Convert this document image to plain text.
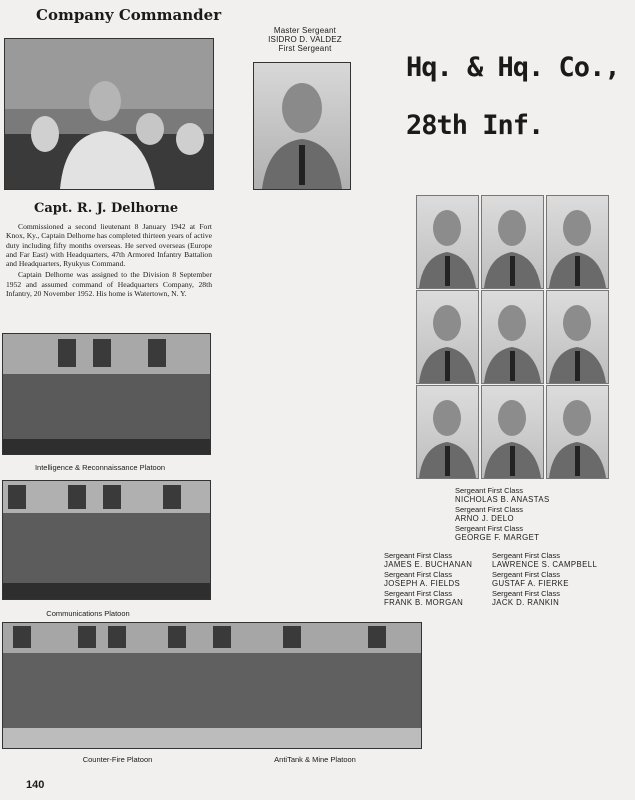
Company Commander
Capt. R. J. Delhorne

Commissioned a second lieutenant 8 January 1942 at Fort Knox, Ky., Captain Delhorne has completed thirteen years of active duty including fifty months overseas. He served overseas (Europe and Far East) with Headquarters, 47th Armored Infantry Battalion and Headquarters, Ryukyus Command.

Captain Delhorne was assigned to the Division 8 September 1952 and assumed command of Headquarters Company, 28th Infantry, 20 November 1952. His home is Watertown, N. Y.

Master Sergeant
ISIDRO D. VALDEZ
First Sergeant
Hq. & Hq. Co.,
28th Inf.
Sergeant First Class
NICHOLAS B. ANASTAS
Sergeant First Class
ARNO J. DELO
Sergeant First Class
GEORGE F. MARGET
Sergeant First Class
JAMES E. BUCHANAN
Sergeant First Class
JOSEPH A. FIELDS
Sergeant First Class
FRANK B. MORGAN
Sergeant First Class
LAWRENCE S. CAMPBELL
Sergeant First Class
GUSTAF A. FIERKE
Sergeant First Class
JACK D. RANKIN
Intelligence & Reconnaissance Platoon
Communications Platoon
Counter-Fire Platoon	AntiTank & Mine Platoon
140
